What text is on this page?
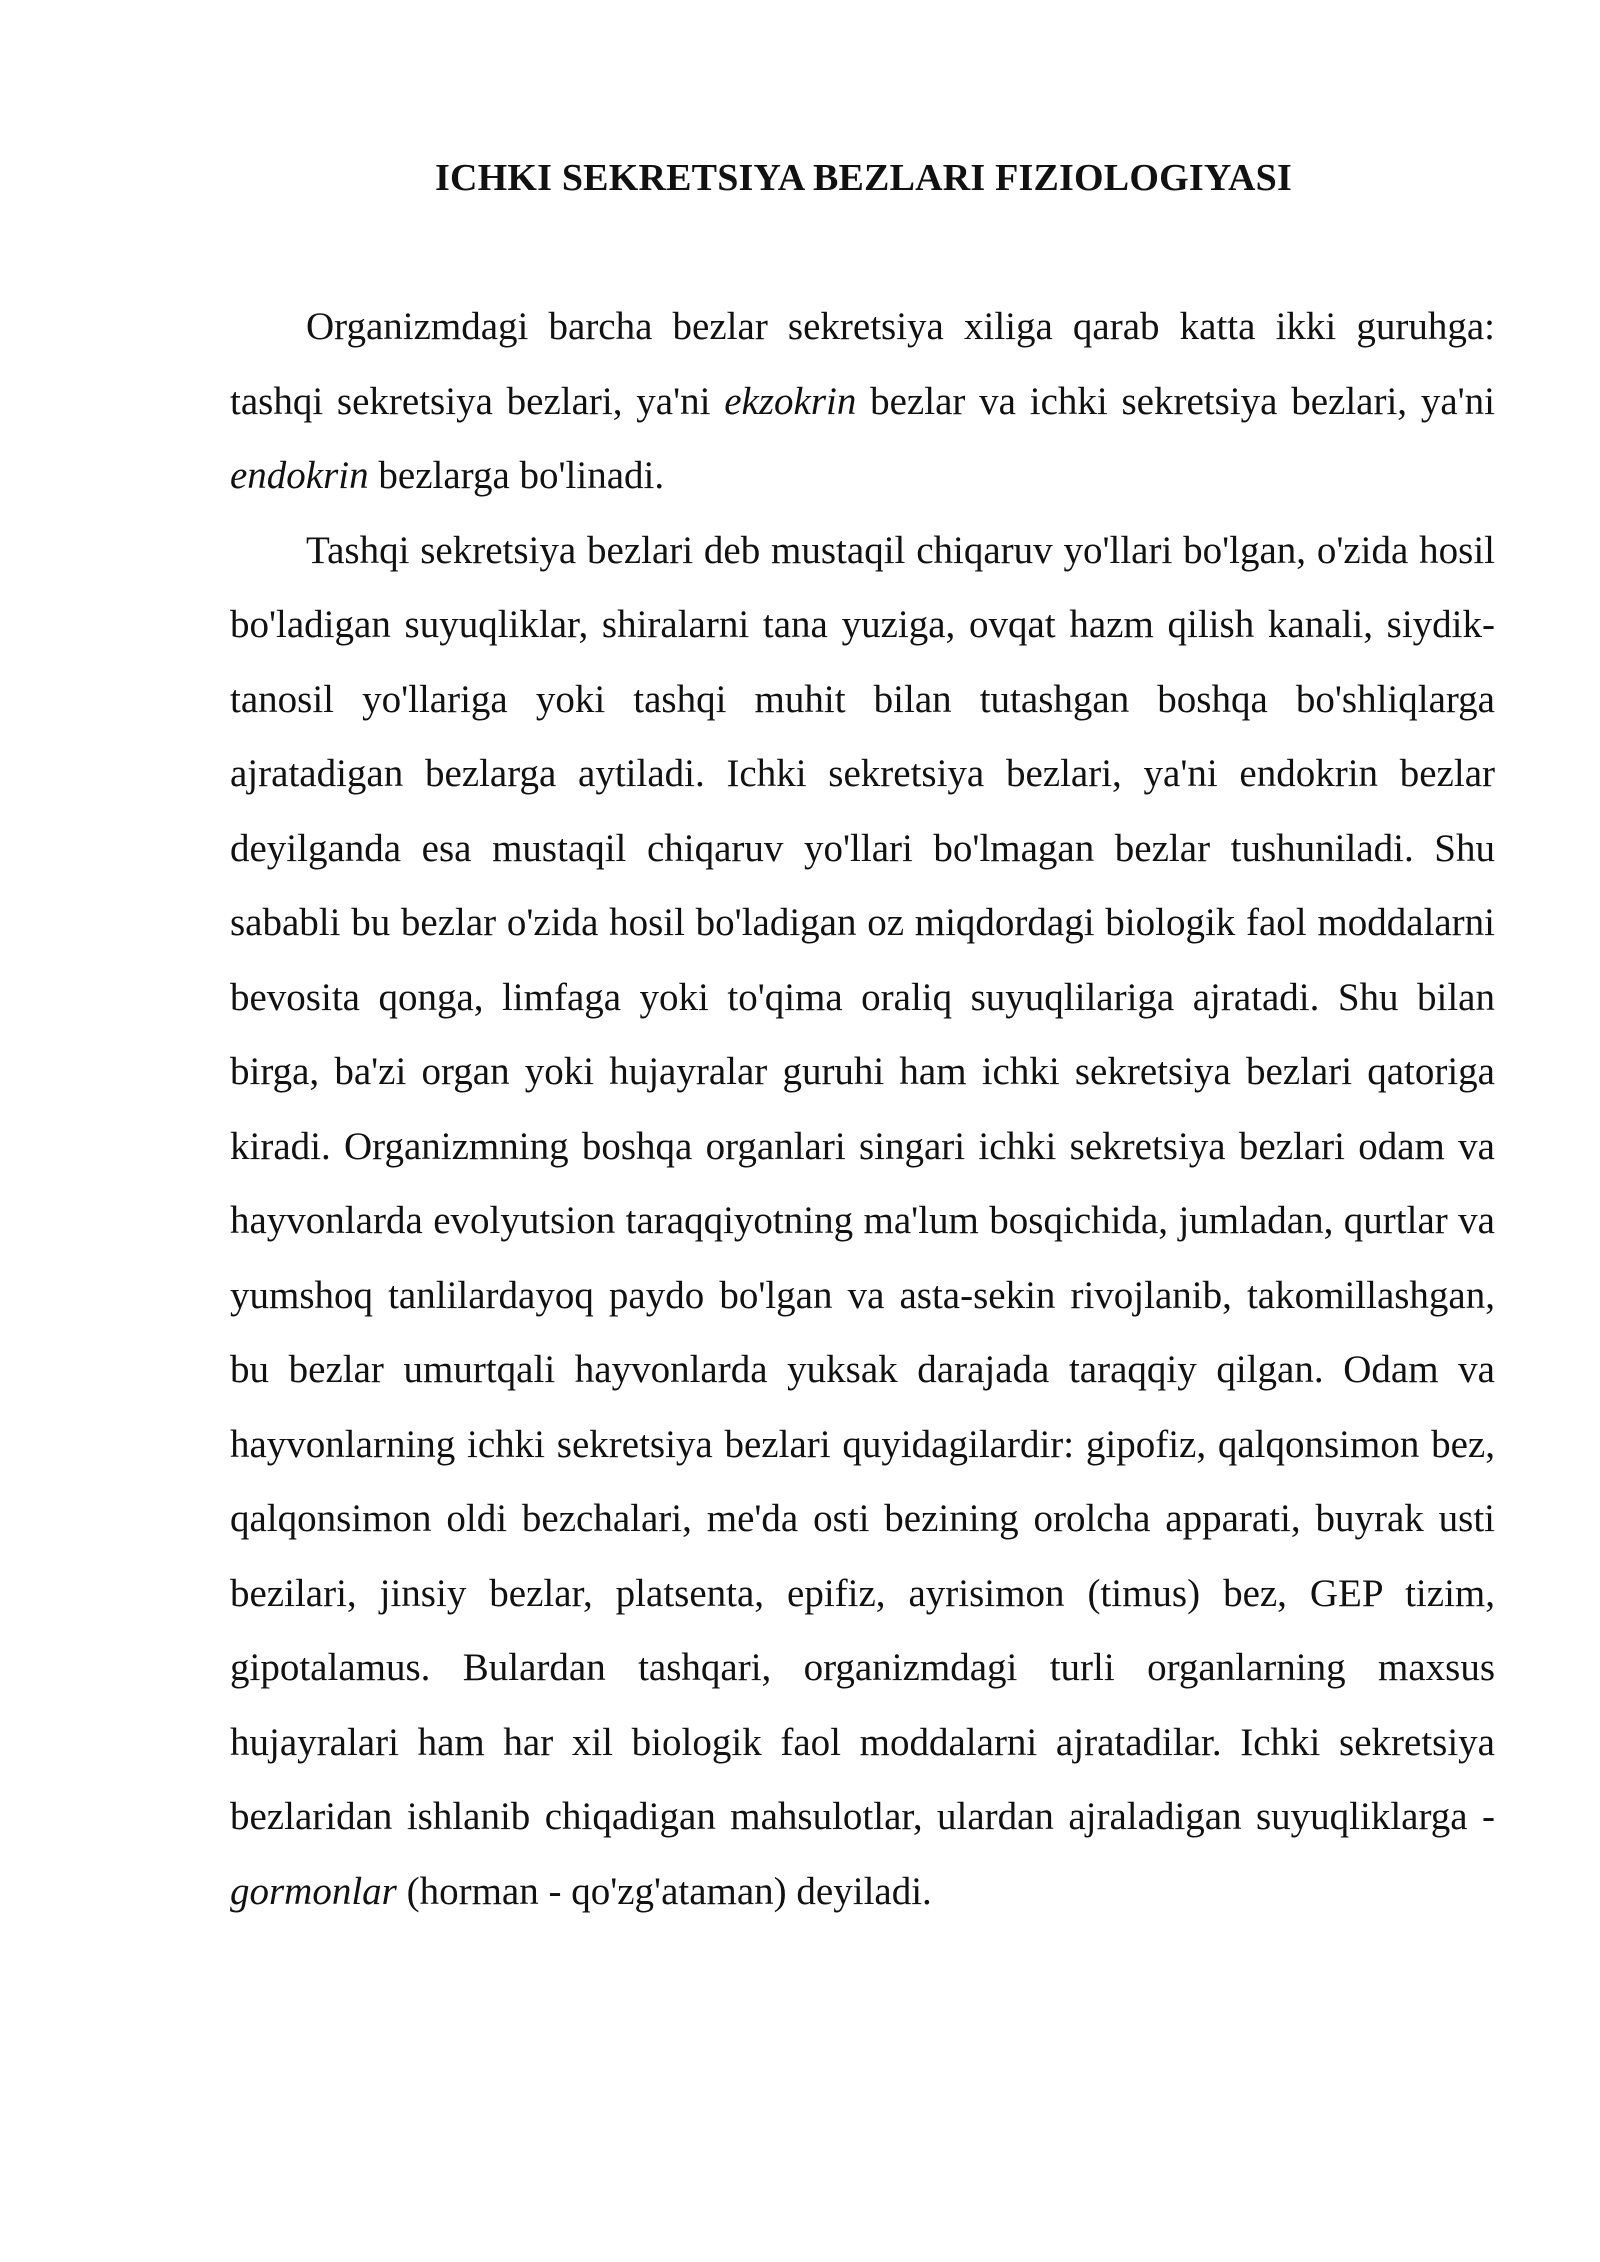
ICHKI SEKRETSIYA BEZLARI FIZIOLOGIYASI

Organizmdagi barcha bezlar sekretsiya xiliga qarab katta ikki guruhga: tashqi sekretsiya bezlari, ya'ni ekzokrin bezlar va ichki sekretsiya bezlari, ya'ni endokrin bezlarga bo'linadi.

Tashqi sekretsiya bezlari deb mustaqil chiqaruv yo'llari bo'lgan, o'zida hosil bo'ladigan suyuqliklar, shiralarni tana yuziga, ovqat hazm qilish kanali, siydik-tanosil yo'llariga yoki tashqi muhit bilan tutashgan boshqa bo'shliqlarga ajratadigan bezlarga aytiladi. Ichki sekretsiya bezlari, ya'ni endokrin bezlar deyilganda esa mustaqil chiqaruv yo'llari bo'lmagan bezlar tushuniladi. Shu sababli bu bezlar o'zida hosil bo'ladigan oz miqdordagi biologik faol moddalarni bevosita qonga, limfaga yoki to'qima oraliq suyuqlilariga ajratadi. Shu bilan birga, ba'zi organ yoki hujayralar guruhi ham ichki sekretsiya bezlari qatoriga kiradi. Organizmning boshqa organlari singari ichki sekretsiya bezlari odam va hayvonlarda evolyutsion taraqqiyotning ma'lum bosqichida, jumladan, qurtlar va yumshoq tanlilardayoq paydo bo'lgan va asta-sekin rivojlanib, takomillashgan, bu bezlar umurtqali hayvonlarda yuksak darajada taraqqiy qilgan. Odam va hayvonlarning ichki sekretsiya bezlari quyidagilardir: gipofiz, qalqonsimon bez, qalqonsimon oldi bezchalari, me'da osti bezining orolcha apparati, buyrak usti bezilari, jinsiy bezlar, platsenta, epifiz, ayrisimon (timus) bez, GEP tizim, gipotalamus. Bulardan tashqari, organizmdagi turli organlarning maxsus hujayralari ham har xil biologik faol moddalarni ajratadilar. Ichki sekretsiya bezlaridan ishlanib chiqadigan mahsulotlar, ulardan ajraladigan suyuqliklarga - gormonlar (horman - qo'zg'ataman) deyiladi.
